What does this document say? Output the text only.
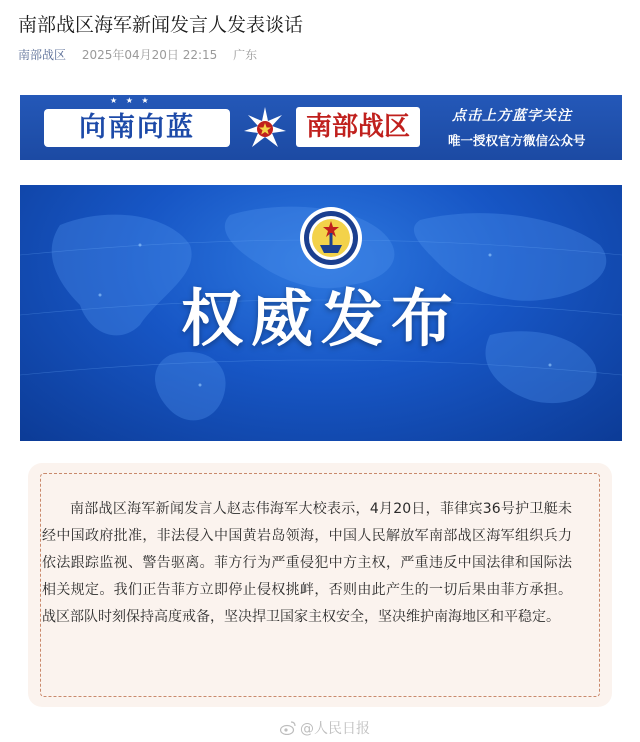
南部战区海军新闻发言人发表谈话
南部战区 2025年04月20日 22:15 广东
★ ★ ★
向南向蓝	南部战区	点击上方蓝字关注
唯一授权官方微信公众号
权威发布
南部战区海军新闻发言人赵志伟海军大校表示，4月20日，菲律宾36号护卫艇未经中国政府批准，非法侵入中国黄岩岛领海，中国人民解放军南部战区海军组织兵力依法跟踪监视、警告驱离。菲方行为严重侵犯中方主权，严重违反中国法律和国际法相关规定。我们正告菲方立即停止侵权挑衅，否则由此产生的一切后果由菲方承担。战区部队时刻保持高度戒备，坚决捍卫国家主权安全，坚决维护南海地区和平稳定。
@人民日报
